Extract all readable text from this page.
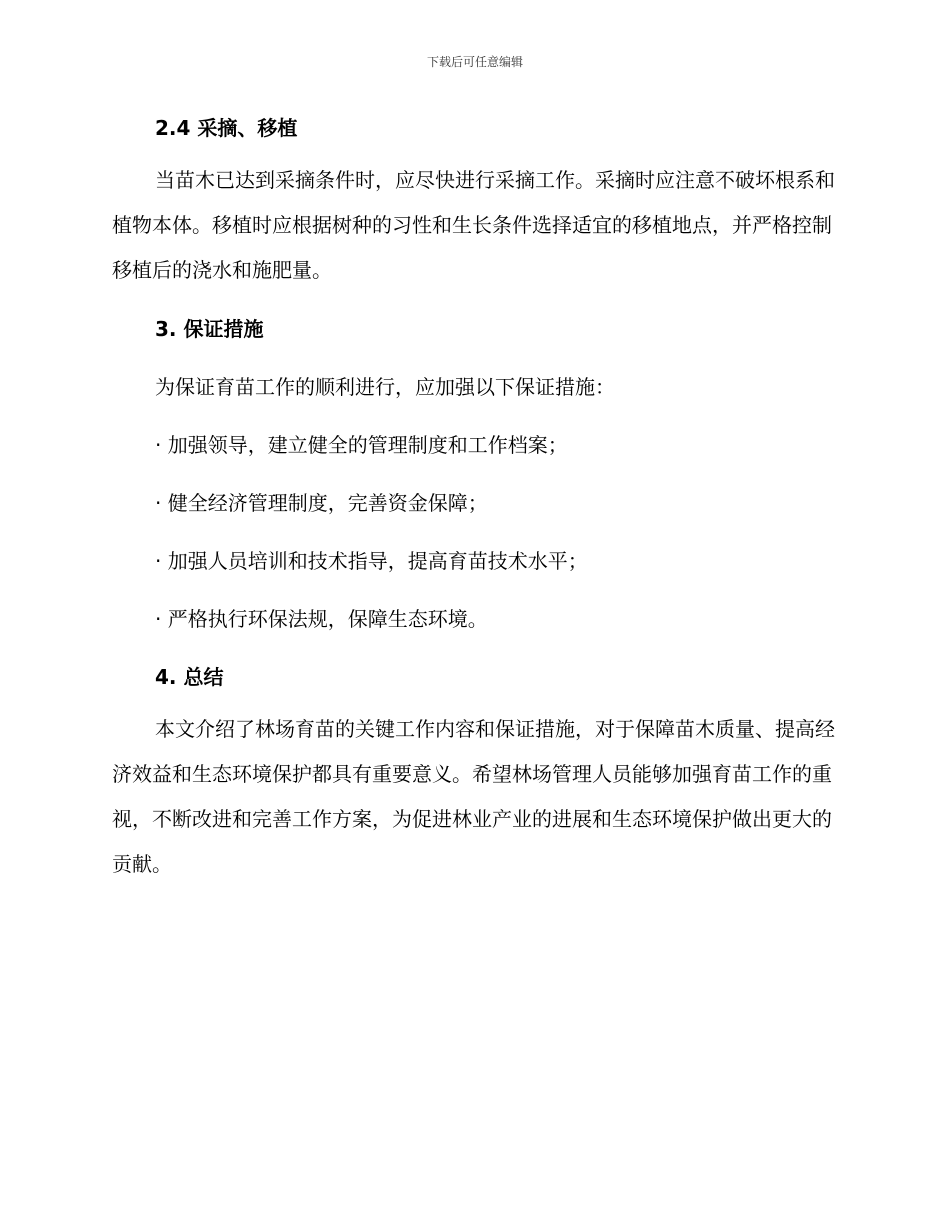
下载后可任意编辑
2.4 采摘、移植

当苗木已达到采摘条件时，应尽快进行采摘工作。采摘时应注意不破坏根系和植物本体。移植时应根据树种的习性和生长条件选择适宜的移植地点，并严格控制移植后的浇水和施肥量。

3. 保证措施

为保证育苗工作的顺利进行，应加强以下保证措施：

· 加强领导，建立健全的管理制度和工作档案；

· 健全经济管理制度，完善资金保障；

· 加强人员培训和技术指导，提高育苗技术水平；

· 严格执行环保法规，保障生态环境。

4. 总结

本文介绍了林场育苗的关键工作内容和保证措施，对于保障苗木质量、提高经济效益和生态环境保护都具有重要意义。希望林场管理人员能够加强育苗工作的重视，不断改进和完善工作方案，为促进林业产业的进展和生态环境保护做出更大的贡献。
